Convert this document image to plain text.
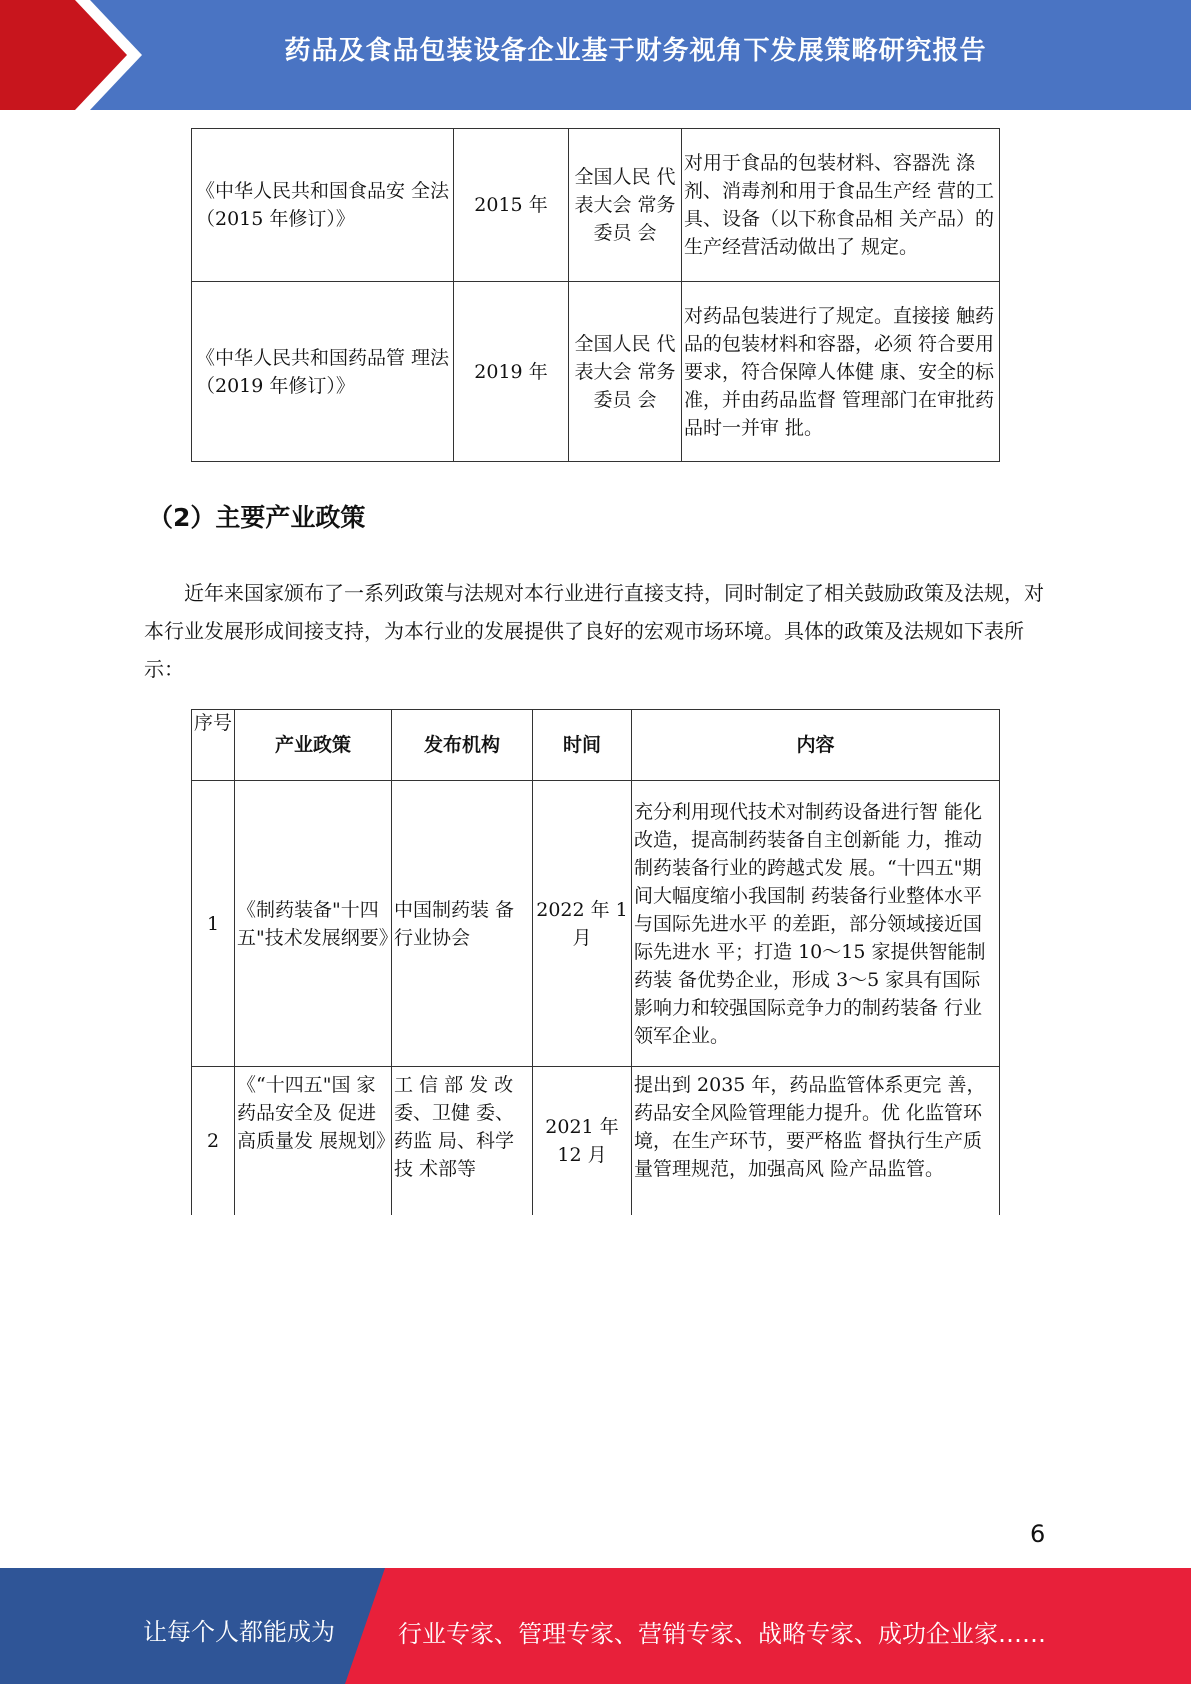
药品及食品包装设备企业基于财务视角下发展策略研究报告
《中华人民共和国食品安 全法（2015 年修订）》	2015 年	全国人民 代表大会 常务委员 会	对用于食品的包装材料、容器洗 涤剂、消毒剂和用于食品生产经 营的工具、设备（以下称食品相 关产品）的生产经营活动做出了 规定。
《中华人民共和国药品管 理法（2019 年修订）》	2019 年	全国人民 代表大会 常务委员 会	对药品包装进行了规定。直接接 触药品的包装材料和容器，必须 符合要用要求，符合保障人体健 康、安全的标准，并由药品监督 管理部门在审批药品时一并审 批。
（2）主要产业政策
近年来国家颁布了一系列政策与法规对本行业进行直接支持，同时制定了相关鼓励政策及法规，对本行业发展形成间接支持，为本行业的发展提供了良好的宏观市场环境。具体的政策及法规如下表所示：
序号	产业政策	发布机构	时间	内容
1	《制药装备"十四五"技术发展纲要》	中国制药装 备行业协会	2022 年 1 月	充分利用现代技术对制药设备进行智 能化改造，提高制药装备自主创新能 力，推动制药装备行业的跨越式发 展。“十四五"期间大幅度缩小我国制 药装备行业整体水平与国际先进水平 的差距，部分领域接近国际先进水 平；打造 10〜15 家提供智能制药装 备优势企业，形成 3〜5 家具有国际 影响力和较强国际竞争力的制药装备 行业领军企业。
2	《“十四五"国 家药品安全及 促进高质量发 展规划》	工 信 部 发 改委、卫健 委、药监 局、科学技 术部等	2021 年 12 月	提出到 2035 年，药品监管体系更完 善，药品安全风险管理能力提升。优 化监管环境，在生产环节，要严格监 督执行生产质量管理规范，加强高风 险产品监管。
6
让每个人都能成为	行业专家、管理专家、营销专家、战略专家、成功企业家……
